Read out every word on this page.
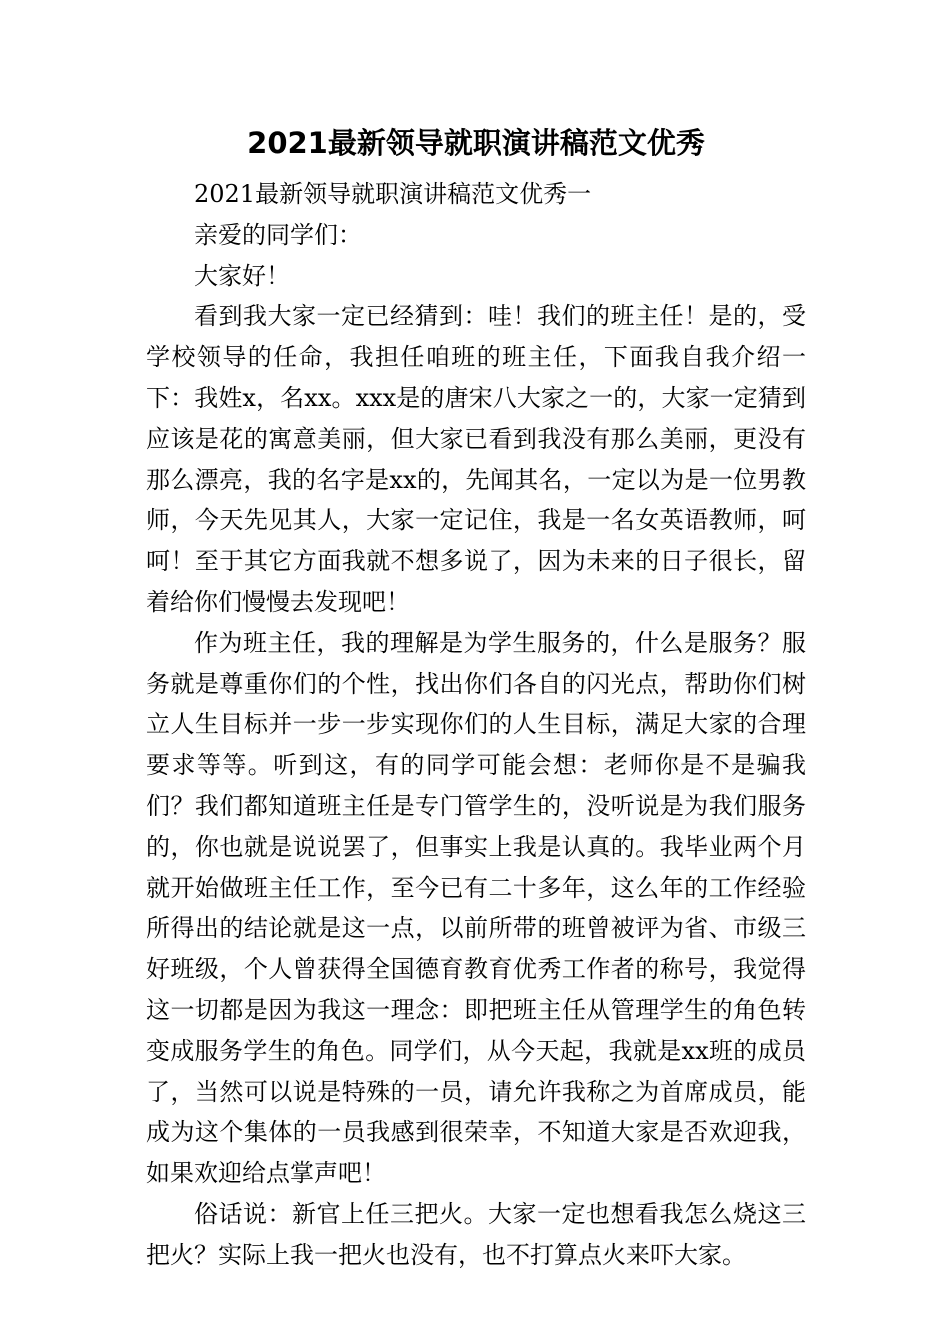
2021最新领导就职演讲稿范文优秀

2021最新领导就职演讲稿范文优秀一

亲爱的同学们：

大家好！

看到我大家一定已经猜到：哇！我们的班主任！是的，受学校领导的任命，我担任咱班的班主任，下面我自我介绍一下：我姓x，名xx。xxx是的唐宋八大家之一的，大家一定猜到应该是花的寓意美丽，但大家已看到我没有那么美丽，更没有那么漂亮，我的名字是xx的，先闻其名，一定以为是一位男教师，今天先见其人，大家一定记住，我是一名女英语教师，呵呵！至于其它方面我就不想多说了，因为未来的日子很长，留着给你们慢慢去发现吧！

作为班主任，我的理解是为学生服务的，什么是服务？服务就是尊重你们的个性，找出你们各自的闪光点，帮助你们树立人生目标并一步一步实现你们的人生目标，满足大家的合理要求等等。听到这，有的同学可能会想：老师你是不是骗我们？我们都知道班主任是专门管学生的，没听说是为我们服务的，你也就是说说罢了，但事实上我是认真的。我毕业两个月就开始做班主任工作，至今已有二十多年，这么年的工作经验所得出的结论就是这一点，以前所带的班曾被评为省、市级三好班级，个人曾获得全国德育教育优秀工作者的称号，我觉得这一切都是因为我这一理念：即把班主任从管理学生的角色转变成服务学生的角色。同学们，从今天起，我就是xx班的成员了，当然可以说是特殊的一员，请允许我称之为首席成员，能成为这个集体的一员我感到很荣幸，不知道大家是否欢迎我，如果欢迎给点掌声吧！

俗话说：新官上任三把火。大家一定也想看我怎么烧这三把火？实际上我一把火也没有，也不打算点火来吓大家。
